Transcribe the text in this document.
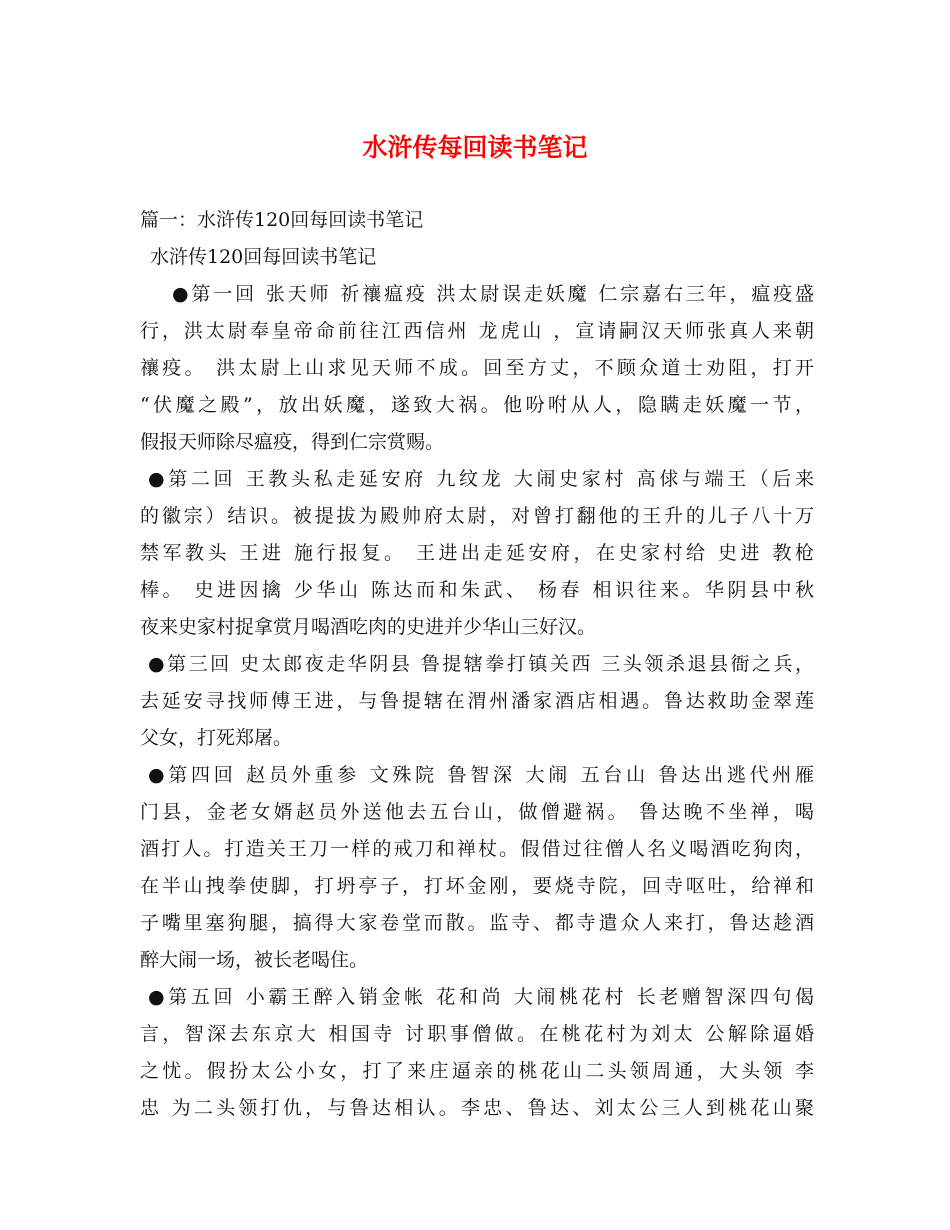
水浒传每回读书笔记
篇一：水浒传120回每回读书笔记
水浒传120回每回读书笔记
●第一回 张天师 祈禳瘟疫 洪太尉误走妖魔 仁宗嘉右三年，瘟疫盛
行，洪太尉奉皇帝命前往江西信州 龙虎山 ，宣请嗣汉天师张真人来朝
禳疫。 洪太尉上山求见天师不成。回至方丈，不顾众道士劝阻，打开
“伏魔之殿”，放出妖魔，遂致大祸。他吩咐从人，隐瞒走妖魔一节，
假报天师除尽瘟疫，得到仁宗赏赐。
●第二回 王教头私走延安府 九纹龙 大闹史家村 高俅与端王（后来
的徽宗）结识。被提拔为殿帅府太尉，对曾打翻他的王升的儿子八十万
禁军教头 王进 施行报复。 王进出走延安府，在史家村给 史进 教枪
棒。 史进因擒 少华山 陈达而和朱武、 杨春 相识往来。华阴县中秋
夜来史家村捉拿赏月喝酒吃肉的史进并少华山三好汉。
●第三回 史太郎夜走华阴县 鲁提辖拳打镇关西 三头领杀退县衙之兵，
去延安寻找师傅王进，与鲁提辖在渭州潘家酒店相遇。鲁达救助金翠莲
父女，打死郑屠。
●第四回 赵员外重参 文殊院 鲁智深 大闹 五台山 鲁达出逃代州雁
门县，金老女婿赵员外送他去五台山，做僧避祸。 鲁达晚不坐禅，喝
酒打人。打造关王刀一样的戒刀和禅杖。假借过往僧人名义喝酒吃狗肉，
在半山拽拳使脚，打坍亭子，打坏金刚，要烧寺院，回寺呕吐，给禅和
子嘴里塞狗腿，搞得大家卷堂而散。监寺、都寺遣众人来打，鲁达趁酒
醉大闹一场，被长老喝住。
●第五回 小霸王醉入销金帐 花和尚 大闹桃花村 长老赠智深四句偈
言，智深去东京大 相国寺 讨职事僧做。在桃花村为刘太 公解除逼婚
之忧。假扮太公小女，打了来庄逼亲的桃花山二头领周通，大头领 李
忠 为二头领打仇，与鲁达相认。李忠、鲁达、刘太公三人到桃花山聚
